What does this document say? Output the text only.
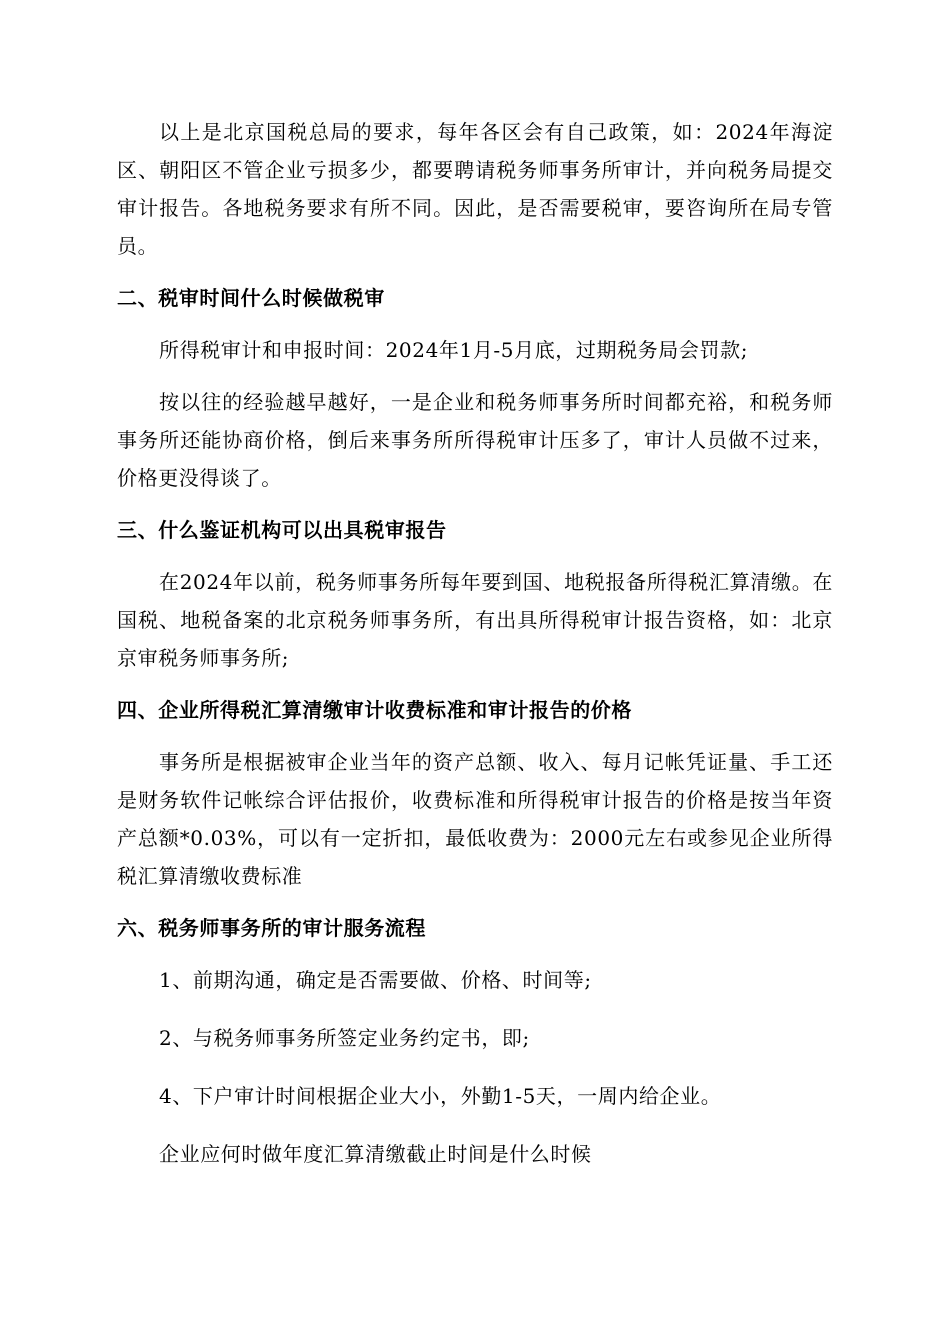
以上是北京国税总局的要求，每年各区会有自己政策，如：2024年海淀区、朝阳区不管企业亏损多少，都要聘请税务师事务所审计，并向税务局提交审计报告。各地税务要求有所不同。因此，是否需要税审，要咨询所在局专管员。

二、税审时间什么时候做税审

所得税审计和申报时间：2024年1月-5月底，过期税务局会罚款;

按以往的经验越早越好，一是企业和税务师事务所时间都充裕，和税务师事务所还能协商价格，倒后来事务所所得税审计压多了，审计人员做不过来，价格更没得谈了。

三、什么鉴证机构可以出具税审报告

在2024年以前，税务师事务所每年要到国、地税报备所得税汇算清缴。在国税、地税备案的北京税务师事务所，有出具所得税审计报告资格，如：北京京审税务师事务所;

四、企业所得税汇算清缴审计收费标准和审计报告的价格

事务所是根据被审企业当年的资产总额、收入、每月记帐凭证量、手工还是财务软件记帐综合评估报价，收费标准和所得税审计报告的价格是按当年资产总额*0.03%，可以有一定折扣，最低收费为：2000元左右或参见企业所得税汇算清缴收费标准

六、税务师事务所的审计服务流程

1、前期沟通，确定是否需要做、价格、时间等;

2、与税务师事务所签定业务约定书，即;

4、下户审计时间根据企业大小，外勤1-5天，一周内给企业。

企业应何时做年度汇算清缴截止时间是什么时候
